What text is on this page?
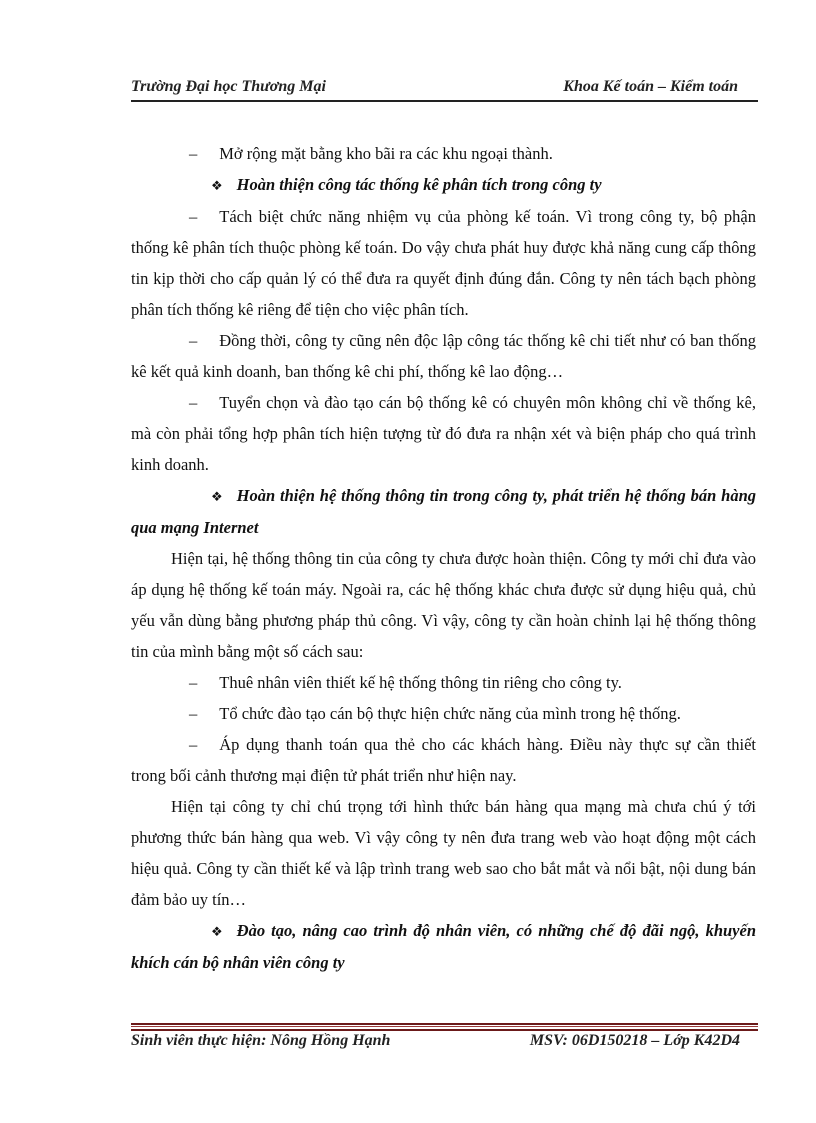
Trường Đại học Thương Mại	Khoa Kế toán – Kiểm toán

– Mở rộng mặt bằng kho bãi ra các khu ngoại thành.

❖ Hoàn thiện công tác thống kê phân tích trong công ty

– Tách biệt chức năng nhiệm vụ của phòng kế toán. Vì trong công ty, bộ phận thống kê phân tích thuộc phòng kế toán. Do vậy chưa phát huy được khả năng cung cấp thông tin kịp thời cho cấp quản lý có thể đưa ra quyết định đúng đắn. Công ty nên tách bạch phòng phân tích thống kê riêng để tiện cho việc phân tích.

– Đồng thời, công ty cũng nên độc lập công tác thống kê chi tiết như có ban thống kê kết quả kinh doanh, ban thống kê chi phí, thống kê lao động…

– Tuyển chọn và đào tạo cán bộ thống kê có chuyên môn không chỉ về thống kê, mà còn phải tổng hợp phân tích hiện tượng từ đó đưa ra nhận xét và biện pháp cho quá trình kinh doanh.

❖ Hoàn thiện hệ thống thông tin trong công ty, phát triển hệ thống bán hàng qua mạng Internet

Hiện tại, hệ thống thông tin của công ty chưa được hoàn thiện. Công ty mới chỉ đưa vào áp dụng hệ thống kế toán máy. Ngoài ra, các hệ thống khác chưa được sử dụng hiệu quả, chủ yếu vẫn dùng bằng phương pháp thủ công. Vì vậy, công ty cần hoàn chỉnh lại hệ thống thông tin của mình bằng một số cách sau:

– Thuê nhân viên thiết kế hệ thống thông tin riêng cho công ty.

– Tổ chức đào tạo cán bộ thực hiện chức năng của mình trong hệ thống.

– Áp dụng thanh toán qua thẻ cho các khách hàng. Điều này thực sự cần thiết trong bối cảnh thương mại điện tử phát triển như hiện nay.

Hiện tại công ty chỉ chú trọng tới hình thức bán hàng qua mạng mà chưa chú ý tới phương thức bán hàng qua web. Vì vậy công ty nên đưa trang web vào hoạt động một cách hiệu quả. Công ty cần thiết kế và lập trình trang web sao cho bắt mắt và nổi bật, nội dung bán đảm bảo uy tín…

❖ Đào tạo, nâng cao trình độ nhân viên, có những chế độ đãi ngộ, khuyến khích cán bộ nhân viên công ty

Sinh viên thực hiện: Nông Hồng Hạnh	MSV: 06D150218 – Lớp K42D4
